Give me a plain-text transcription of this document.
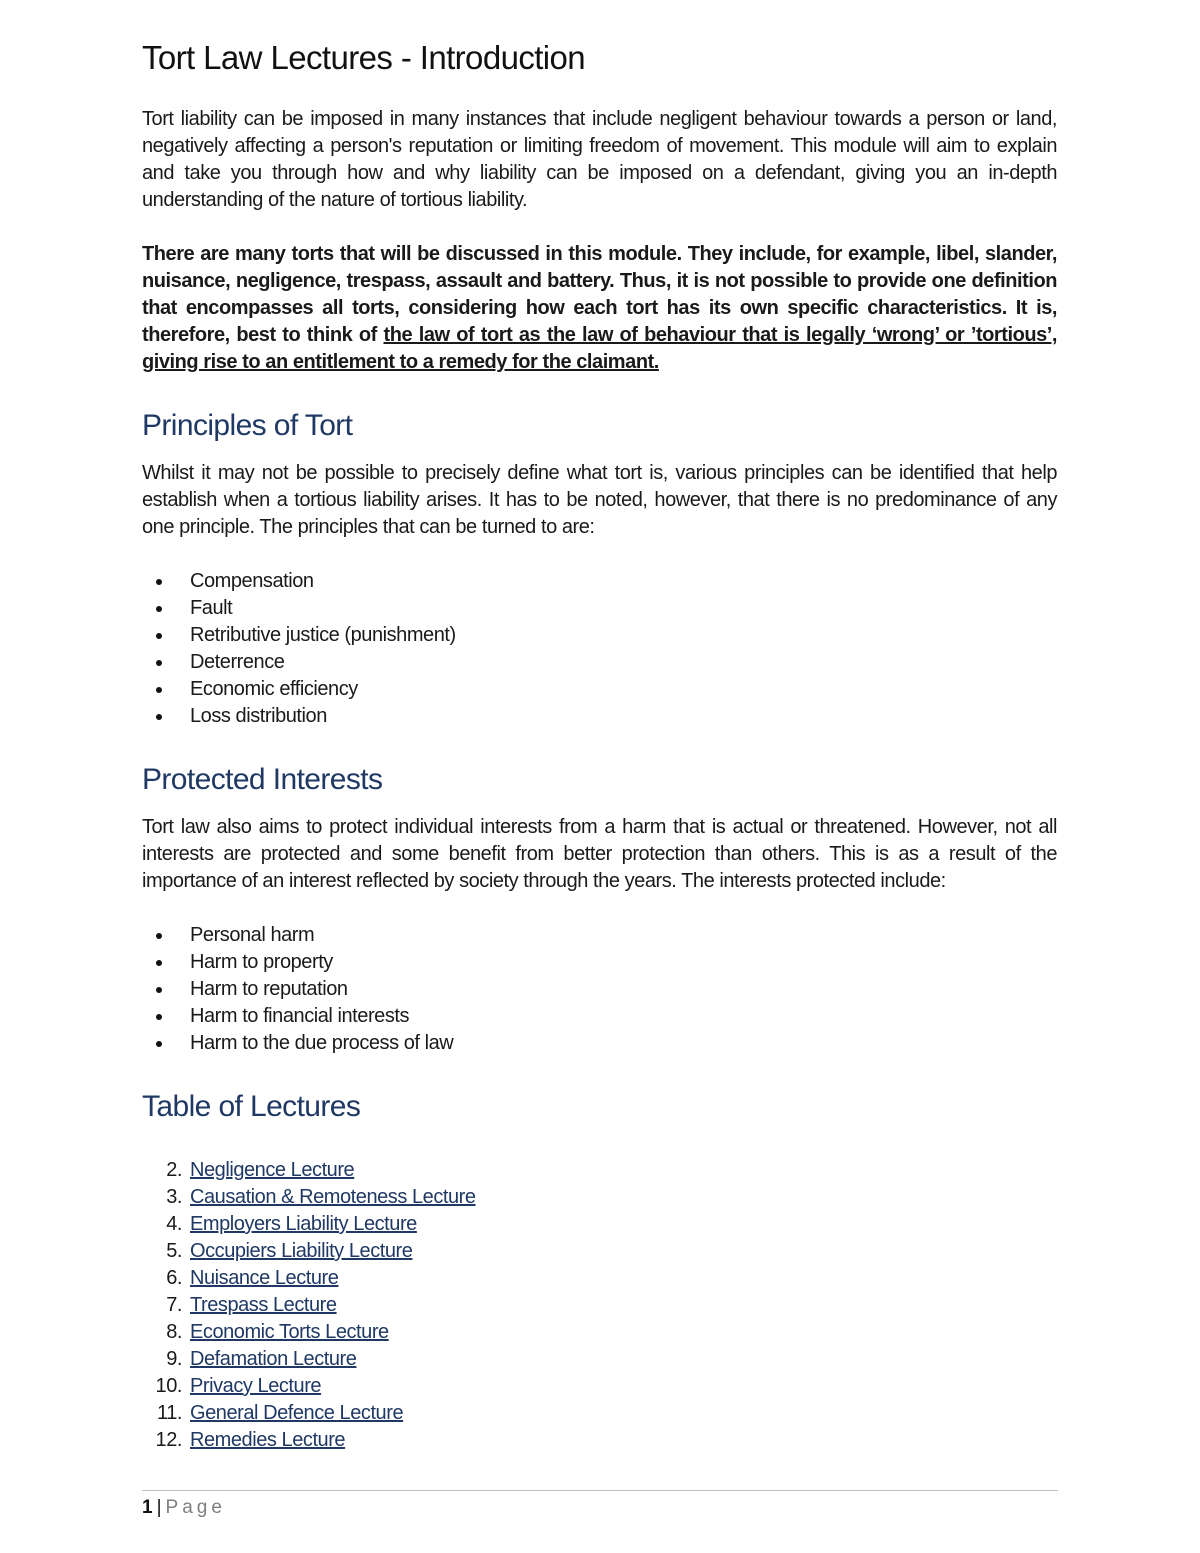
Tort Law Lectures - Introduction

Tort liability can be imposed in many instances that include negligent behaviour towards a person or land, negatively affecting a person's reputation or limiting freedom of movement. This module will aim to explain and take you through how and why liability can be imposed on a defendant, giving you an in-depth understanding of the nature of tortious liability.

There are many torts that will be discussed in this module. They include, for example, libel, slander, nuisance, negligence, trespass, assault and battery. Thus, it is not possible to provide one definition that encompasses all torts, considering how each tort has its own specific characteristics. It is, therefore, best to think of the law of tort as the law of behaviour that is legally ‘wrong’ or ’tortious’, giving rise to an entitlement to a remedy for the claimant.

Principles of Tort

Whilst it may not be possible to precisely define what tort is, various principles can be identified that help establish when a tortious liability arises. It has to be noted, however, that there is no predominance of any one principle. The principles that can be turned to are:

Compensation
Fault
Retributive justice (punishment)
Deterrence
Economic efficiency
Loss distribution
Protected Interests

Tort law also aims to protect individual interests from a harm that is actual or threatened. However, not all interests are protected and some benefit from better protection than others. This is as a result of the importance of an interest reflected by society through the years. The interests protected include:

Personal harm
Harm to property
Harm to reputation
Harm to financial interests
Harm to the due process of law
Table of Lectures
2. Negligence Lecture
3. Causation & Remoteness Lecture
4. Employers Liability Lecture
5. Occupiers Liability Lecture
6. Nuisance Lecture
7. Trespass Lecture
8. Economic Torts Lecture
9. Defamation Lecture
10. Privacy Lecture
11. General Defence Lecture
12. Remedies Lecture
1 | Page
